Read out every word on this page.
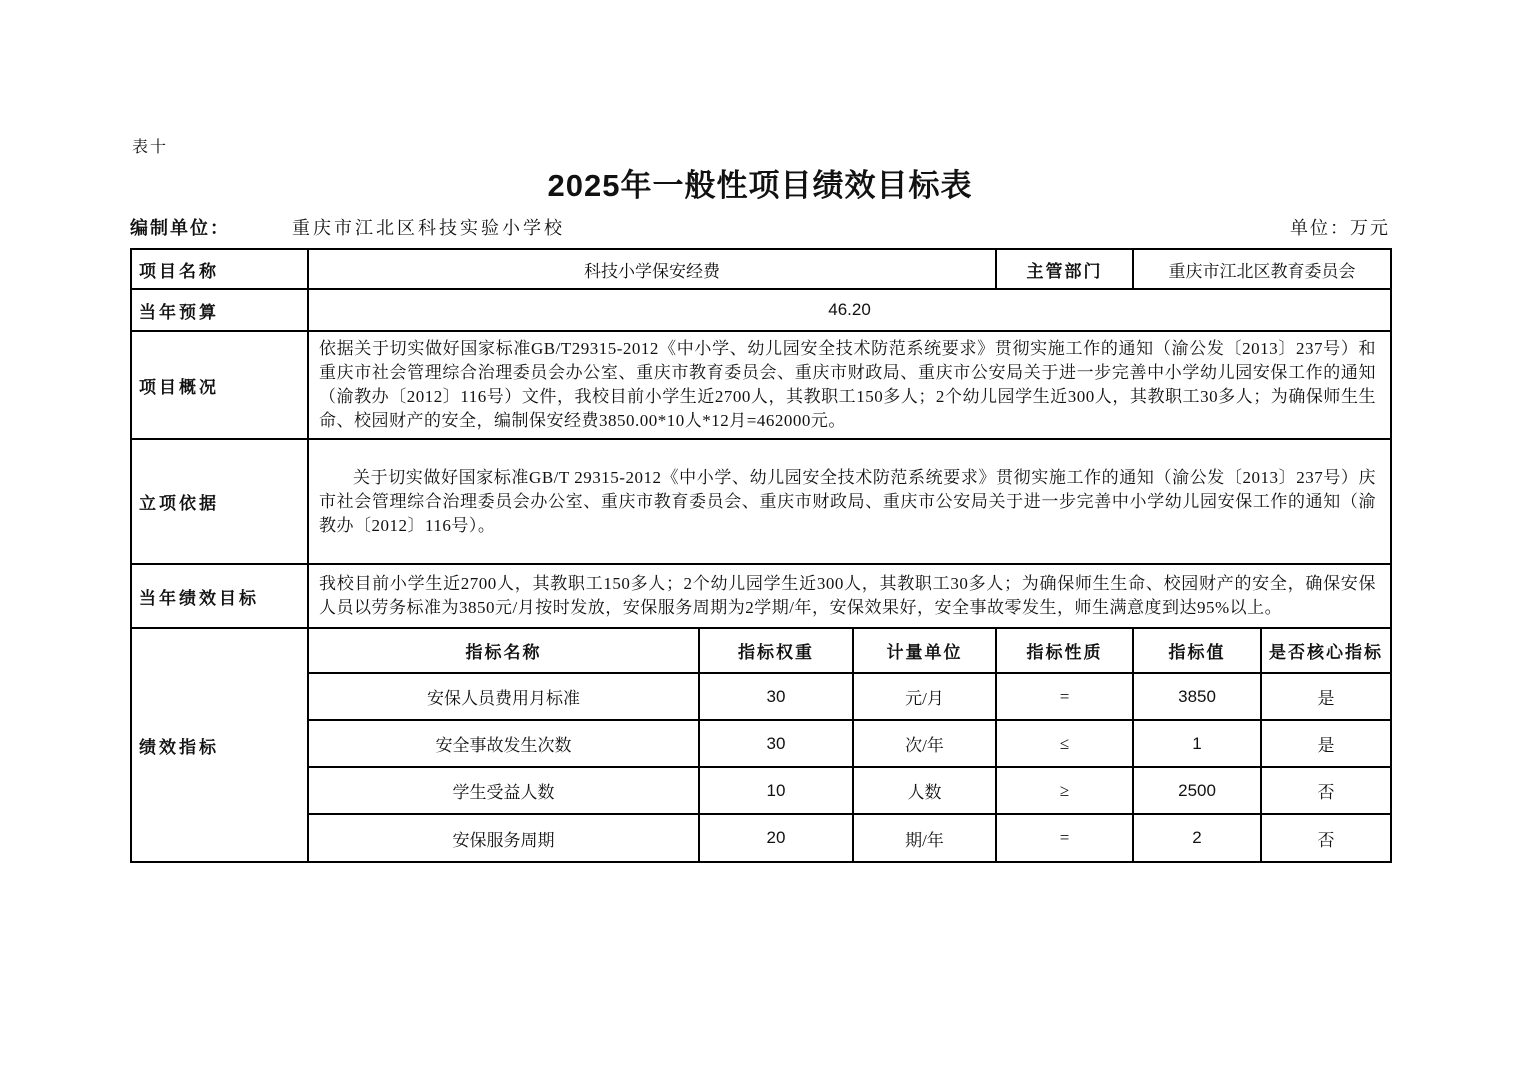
表十
2025年一般性项目绩效目标表
编制单位：	重庆市江北区科技实验小学校	单位：万元
项目名称	科技小学保安经费			主管部门	重庆市江北区教育委员会	
当年预算	46.20					
项目概况	依据关于切实做好国家标准GB/T29315-2012《中小学、幼儿园安全技术防范系统要求》贯彻实施工作的通知（渝公发〔2013〕237号）和重庆市社会管理综合治理委员会办公室、重庆市教育委员会、重庆市财政局、重庆市公安局关于进一步完善中小学幼儿园安保工作的通知（渝教办〔2012〕116号）文件，我校目前小学生近2700人，其教职工150多人；2个幼儿园学生近300人，其教职工30多人；为确保师生生命、校园财产的安全，编制保安经费3850.00*10人*12月=462000元。					
立项依据	关于切实做好国家标准GB/T 29315-2012《中小学、幼儿园安全技术防范系统要求》贯彻实施工作的通知（渝公发〔2013〕237号）庆市社会管理综合治理委员会办公室、重庆市教育委员会、重庆市财政局、重庆市公安局关于进一步完善中小学幼儿园安保工作的通知（渝教办〔2012〕116号）。					
当年绩效目标	我校目前小学生近2700人，其教职工150多人；2个幼儿园学生近300人，其教职工30多人；为确保师生生命、校园财产的安全，确保安保人员以劳务标准为3850元/月按时发放，安保服务周期为2学期/年，安保效果好，安全事故零发生，师生满意度到达95%以上。					
绩效指标	指标名称	指标权重	计量单位	指标性质	指标值	是否核心指标
	安保人员费用月标准	30	元/月	=	3850	是
	安全事故发生次数	30	次/年	≤	1	是
	学生受益人数	10	人数	≥	2500	否
	安保服务周期	20	期/年	=	2	否
